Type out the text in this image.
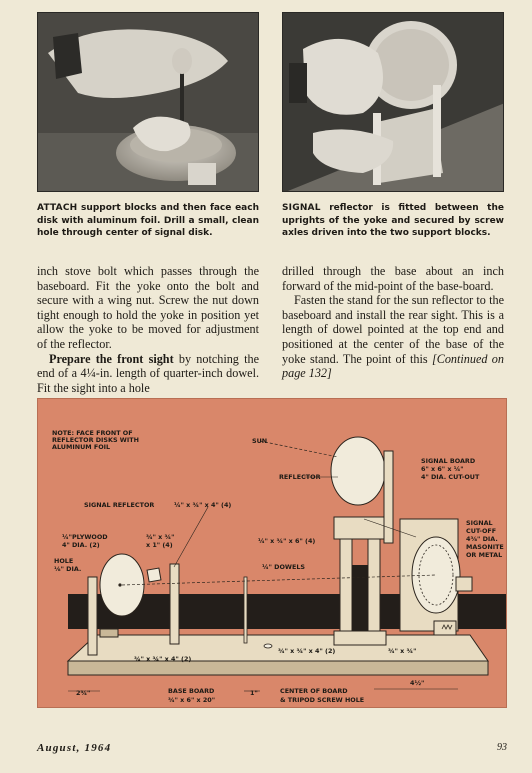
ATTACH support blocks and then face each disk with aluminum foil. Drill a small, clean hole through center of signal disk.
SIGNAL reflector is fitted between the uprights of the yoke and secured by screw axles driven into the two support blocks.

inch stove bolt which passes through the baseboard. Fit the yoke onto the bolt and secure with a wing nut. Screw the nut down tight enough to hold the yoke in position yet allow the yoke to be moved for adjustment of the reflector.

Prepare the front sight by notching the end of a 4¼-in. length of quarter-inch dowel. Fit the sight into a hole

drilled through the base about an inch forward of the mid-point of the base-board.

Fasten the stand for the sun reflector to the baseboard and install the rear sight. This is a length of dowel pointed at the top end and positioned at the center of the base of the yoke stand. The point of this [Continued on page 132]

NOTE: FACE FRONT OF
REFLECTOR DISKS WITH
ALUMINUM FOIL
SUN
REFLECTOR
SIGNAL BOARD
6" x 6" x ¼"
4" DIA. CUT-OUT
SIGNAL REFLECTOR	¼" x ¾" x 4" (4)
¼"PLYWOOD
4" DIA. (2)
¾" x ¾"
x 1" (4)
SIGNAL
CUT-OFF
4⅜" DIA.
MASONITE
OR METAL
HOLE
⅛" DIA.
¼" x ¾" x 6" (4)
¼" DOWELS
¾" x ¾" x 4" (2)
¾" x ¾" x 4" (2)	¾" x ¾"
2¾"	BASE BOARD
¾" x 6" x 20"
1"	CENTER OF BOARD
& TRIPOD SCREW HOLE
4½"
August, 1964	93
